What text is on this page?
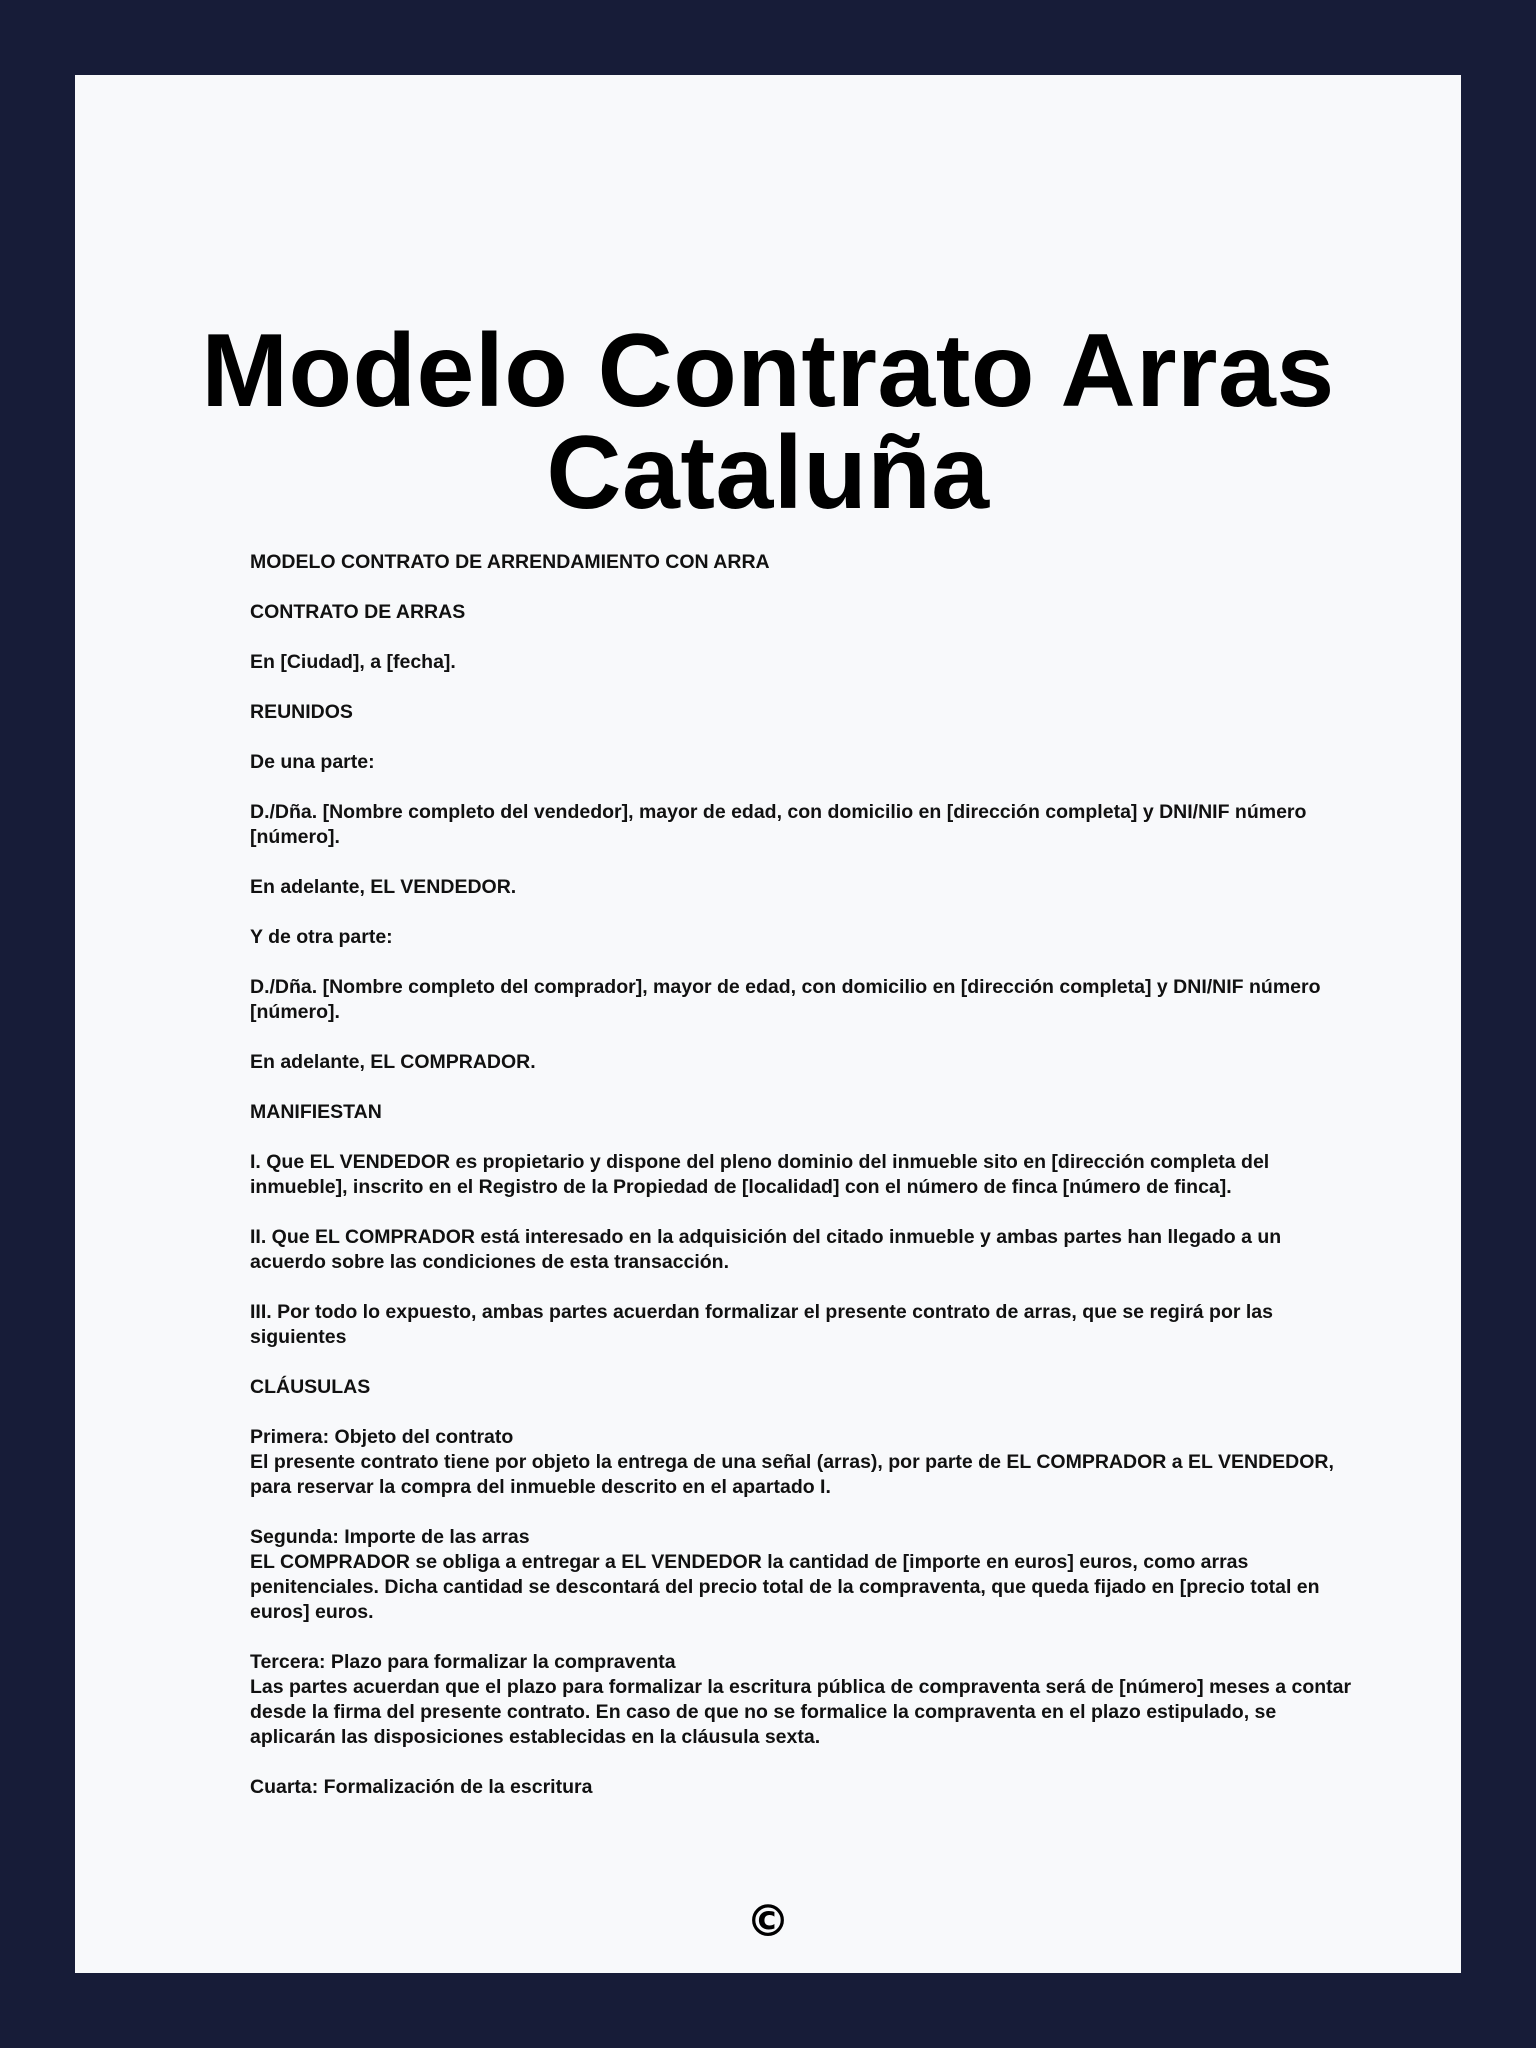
Modelo Contrato Arras
Cataluña

MODELO CONTRATO DE ARRENDAMIENTO CON ARRA

CONTRATO DE ARRAS

En [Ciudad], a [fecha].

REUNIDOS

De una parte:

D./Dña. [Nombre completo del vendedor], mayor de edad, con domicilio en [dirección completa] y DNI/NIF número [número].

En adelante, EL VENDEDOR.

Y de otra parte:

D./Dña. [Nombre completo del comprador], mayor de edad, con domicilio en [dirección completa] y DNI/NIF número [número].

En adelante, EL COMPRADOR.

MANIFIESTAN

I. Que EL VENDEDOR es propietario y dispone del pleno dominio del inmueble sito en [dirección completa del inmueble], inscrito en el Registro de la Propiedad de [localidad] con el número de finca [número de finca].

II. Que EL COMPRADOR está interesado en la adquisición del citado inmueble y ambas partes han llegado a un acuerdo sobre las condiciones de esta transacción.

III. Por todo lo expuesto, ambas partes acuerdan formalizar el presente contrato de arras, que se regirá por las siguientes

CLÁUSULAS

Primera: Objeto del contrato
El presente contrato tiene por objeto la entrega de una señal (arras), por parte de EL COMPRADOR a EL VENDEDOR, para reservar la compra del inmueble descrito en el apartado I.

Segunda: Importe de las arras
EL COMPRADOR se obliga a entregar a EL VENDEDOR la cantidad de [importe en euros] euros, como arras penitenciales. Dicha cantidad se descontará del precio total de la compraventa, que queda fijado en [precio total en euros] euros.

Tercera: Plazo para formalizar la compraventa
Las partes acuerdan que el plazo para formalizar la escritura pública de compraventa será de [número] meses a contar desde la firma del presente contrato. En caso de que no se formalice la compraventa en el plazo estipulado, se aplicarán las disposiciones establecidas en la cláusula sexta.

Cuarta: Formalización de la escritura

©
